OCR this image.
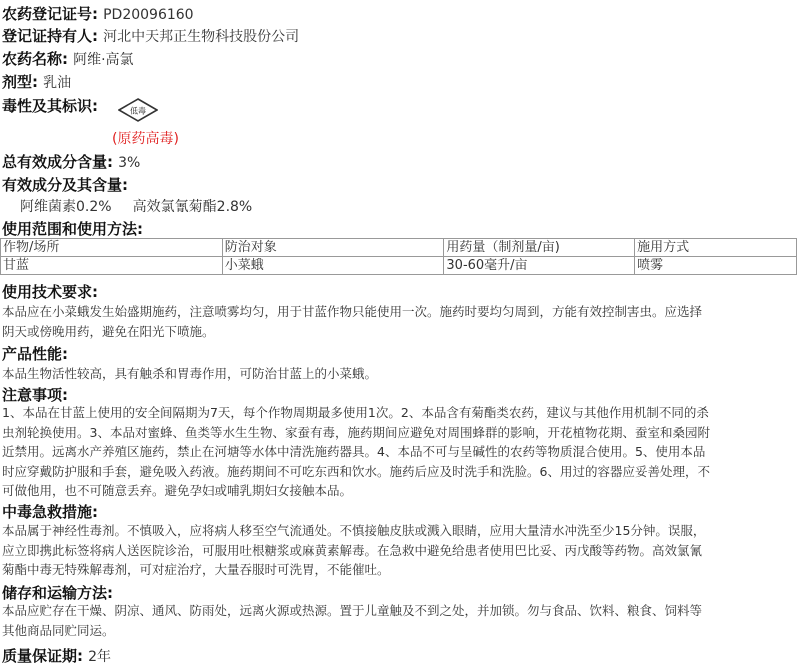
农药登记证号: PD20096160
登记证持有人: 河北中天邦正生物科技股份公司
农药名称: 阿维·高氯
剂型: 乳油
毒性及其标识:	低毒
(原药高毒)
总有效成分含量: 3%
有效成分及其含量:
阿维菌素0.2% 高效氯氰菊酯2.8%
使用范围和使用方法:
作物/场所	防治对象	用药量（制剂量/亩)	施用方式
甘蓝	小菜蛾	30-60毫升/亩	喷雾
使用技术要求:
本品应在小菜蛾发生始盛期施药，注意喷雾均匀，用于甘蓝作物只能使用一次。施药时要均匀周到，方能有效控制害虫。应选择
阴天或傍晚用药，避免在阳光下喷施。
产品性能:
本品生物活性较高，具有触杀和胃毒作用，可防治甘蓝上的小菜蛾。
注意事项:
1、本品在甘蓝上使用的安全间隔期为7天，每个作物周期最多使用1次。2、本品含有菊酯类农药，建议与其他作用机制不同的杀
虫剂轮换使用。3、本品对蜜蜂、鱼类等水生生物、家蚕有毒，施药期间应避免对周围蜂群的影响，开花植物花期、蚕室和桑园附
近禁用。远离水产养殖区施药，禁止在河塘等水体中清洗施药器具。4、本品不可与呈碱性的农药等物质混合使用。5、使用本品
时应穿戴防护服和手套，避免吸入药液。施药期间不可吃东西和饮水。施药后应及时洗手和洗脸。6、用过的容器应妥善处理，不
可做他用，也不可随意丢弃。避免孕妇或哺乳期妇女接触本品。
中毒急救措施:
本品属于神经性毒剂。不慎吸入，应将病人移至空气流通处。不慎接触皮肤或溅入眼睛，应用大量清水冲洗至少15分钟。误服，
应立即携此标签将病人送医院诊治，可服用吐根糖浆或麻黄素解毒。在急救中避免给患者使用巴比妥、丙戊酸等药物。高效氯氰
菊酯中毒无特殊解毒剂，可对症治疗，大量吞服时可洗胃，不能催吐。
储存和运输方法:
本品应贮存在干燥、阴凉、通风、防雨处，远离火源或热源。置于儿童触及不到之处，并加锁。勿与食品、饮料、粮食、饲料等
其他商品同贮同运。
质量保证期: 2年
